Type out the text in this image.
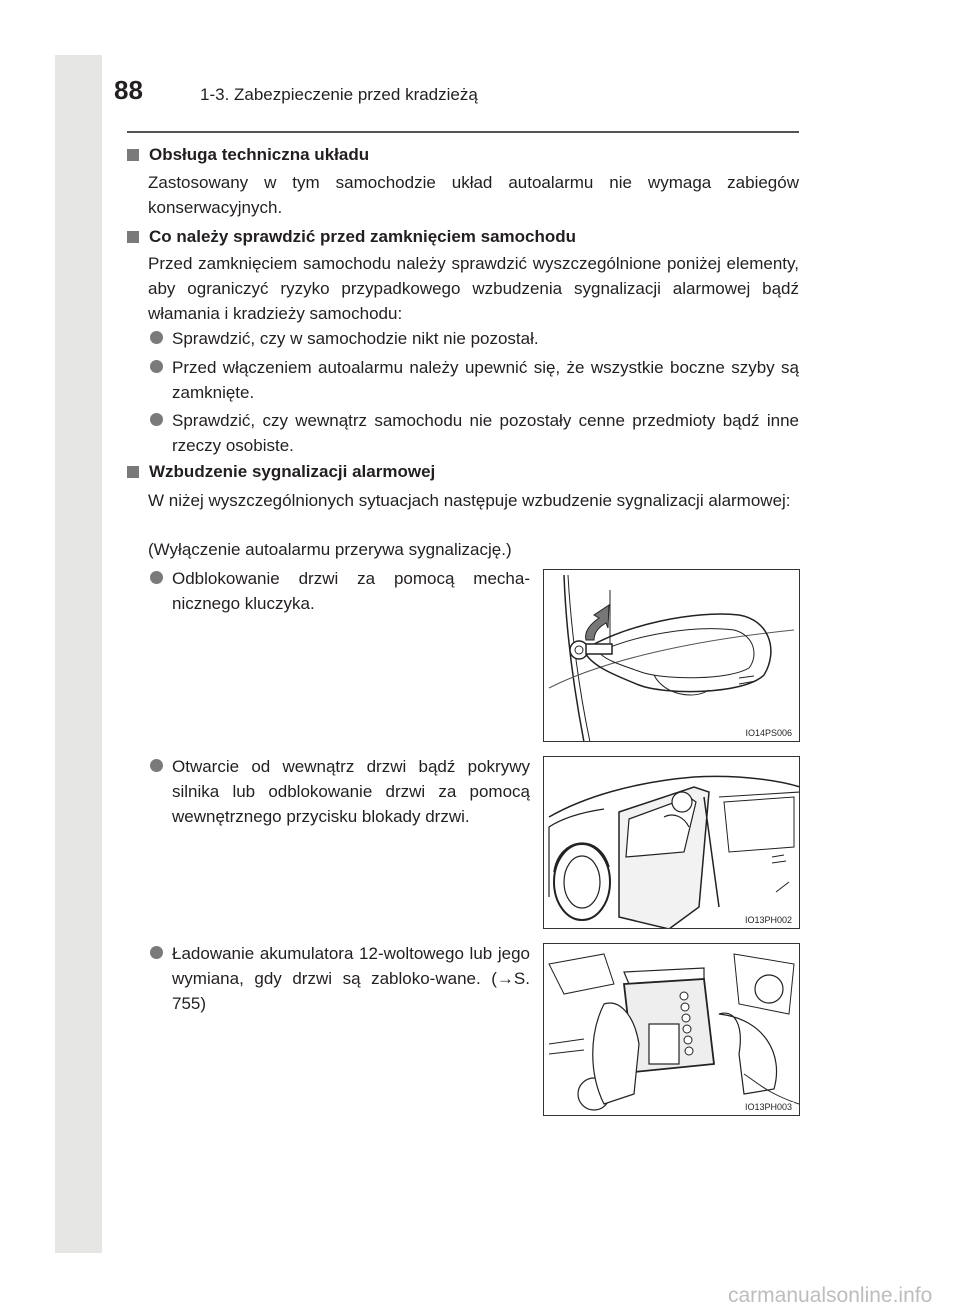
88	1-3. Zabezpieczenie przed kradzieżą
Obsługa techniczna układu
Zastosowany w tym samochodzie układ autoalarmu nie wymaga zabiegów konserwacyjnych.
Co należy sprawdzić przed zamknięciem samochodu
Przed zamknięciem samochodu należy sprawdzić wyszczególnione poniżej elementy, aby ograniczyć ryzyko przypadkowego wzbudzenia sygnalizacji alarmowej bądź włamania i kradzieży samochodu:
Sprawdzić, czy w samochodzie nikt nie pozostał.
Przed włączeniem autoalarmu należy upewnić się, że wszystkie boczne szyby są zamknięte.
Sprawdzić, czy wewnątrz samochodu nie pozostały cenne przedmioty bądź inne rzeczy osobiste.
Wzbudzenie sygnalizacji alarmowej
W niżej wyszczególnionych sytuacjach następuje wzbudzenie sygnalizacji alarmowej:
(Wyłączenie autoalarmu przerywa sygnalizację.)
Odblokowanie drzwi za pomocą mecha-nicznego kluczyka.
Otwarcie od wewnątrz drzwi bądź pokrywy silnika lub odblokowanie drzwi za pomocą wewnętrznego przycisku blokady drzwi.
Ładowanie akumulatora 12-woltowego lub jego wymiana, gdy drzwi są zabloko-wane. (→S. 755)
IO14PS006
IO13PH002
IO13PH003
carmanualsonline.info
